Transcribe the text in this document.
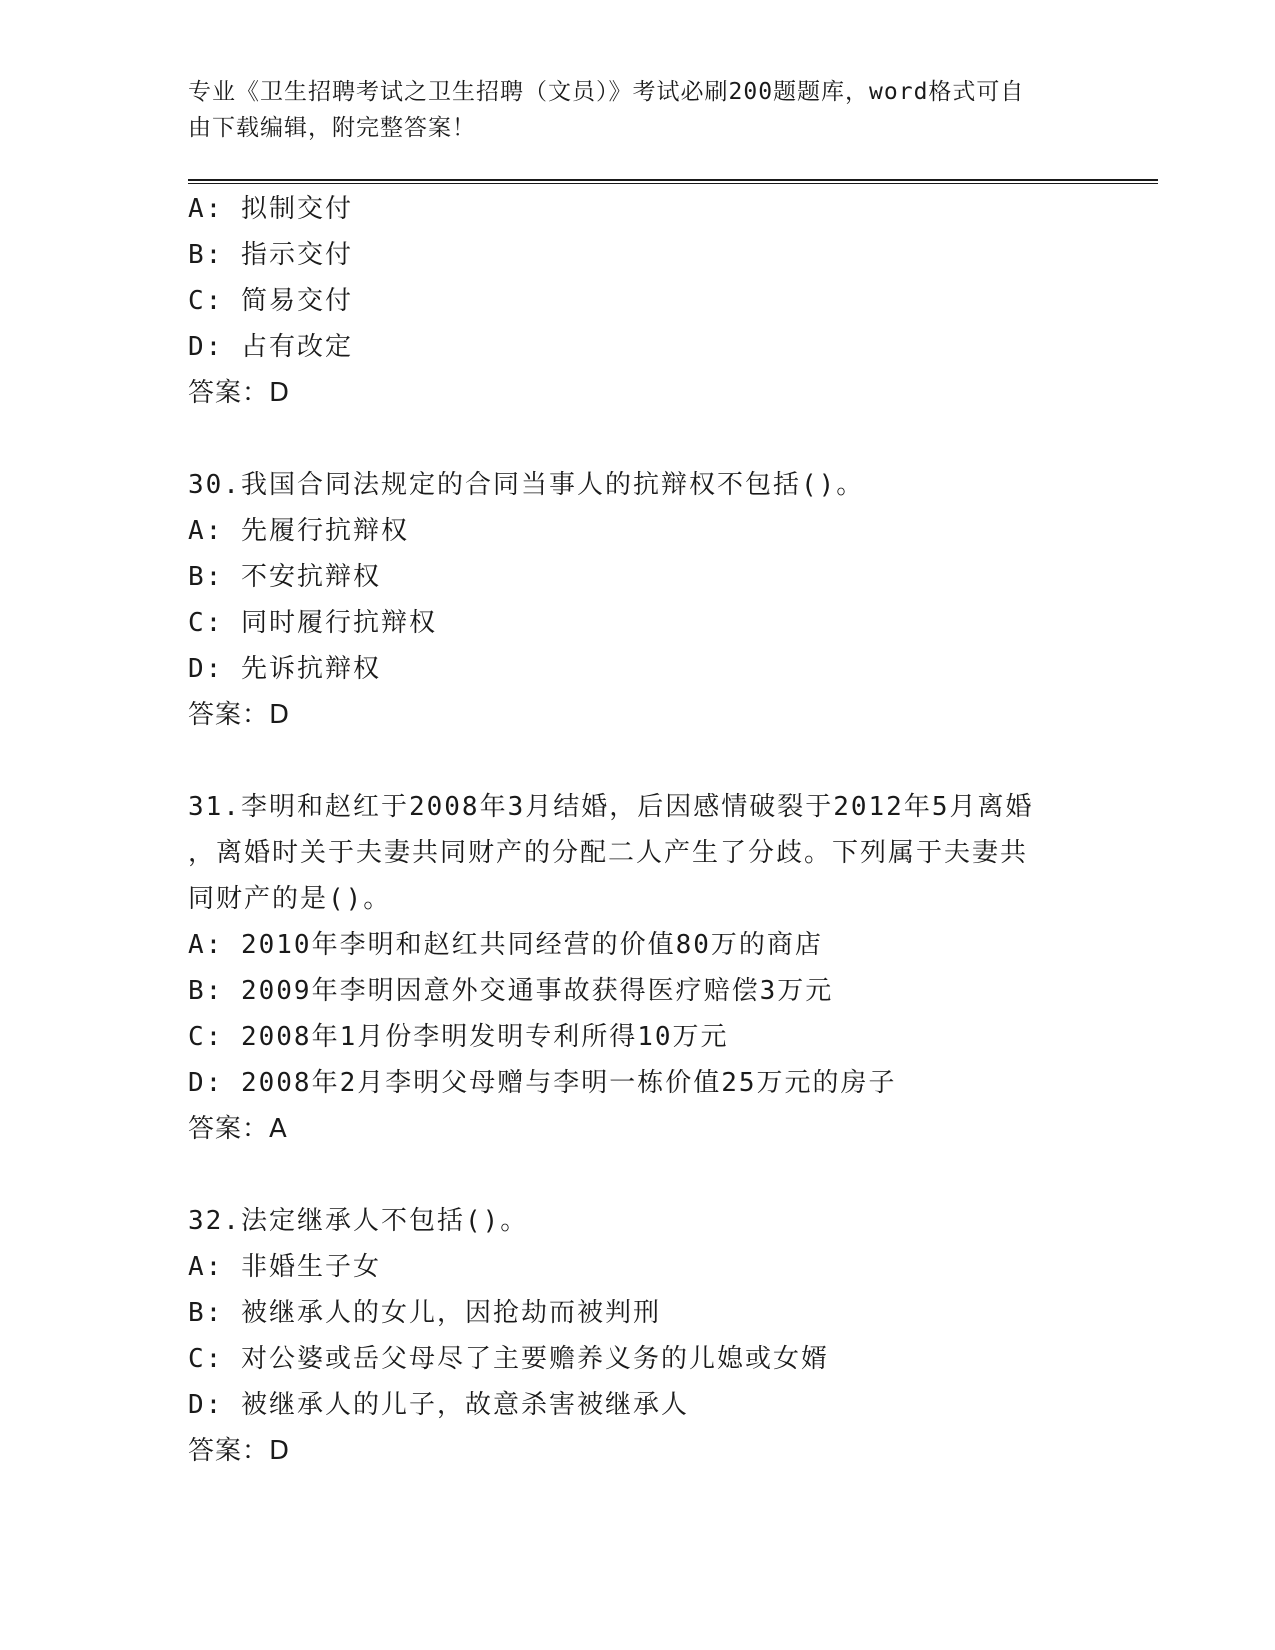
专业《卫生招聘考试之卫生招聘（文员）》考试必刷200题题库，word格式可自
由下载编辑，附完整答案！
A: 拟制交付
B: 指示交付
C: 简易交付
D: 占有改定
答案：D
30.我国合同法规定的合同当事人的抗辩权不包括()。
A: 先履行抗辩权
B: 不安抗辩权
C: 同时履行抗辩权
D: 先诉抗辩权
答案：D
31.李明和赵红于2008年3月结婚，后因感情破裂于2012年5月离婚
，离婚时关于夫妻共同财产的分配二人产生了分歧。下列属于夫妻共
同财产的是()。
A: 2010年李明和赵红共同经营的价值80万的商店
B: 2009年李明因意外交通事故获得医疗赔偿3万元
C: 2008年1月份李明发明专利所得10万元
D: 2008年2月李明父母赠与李明一栋价值25万元的房子
答案：A
32.法定继承人不包括()。
A: 非婚生子女
B: 被继承人的女儿，因抢劫而被判刑
C: 对公婆或岳父母尽了主要赡养义务的儿媳或女婿
D: 被继承人的儿子，故意杀害被继承人
答案：D
